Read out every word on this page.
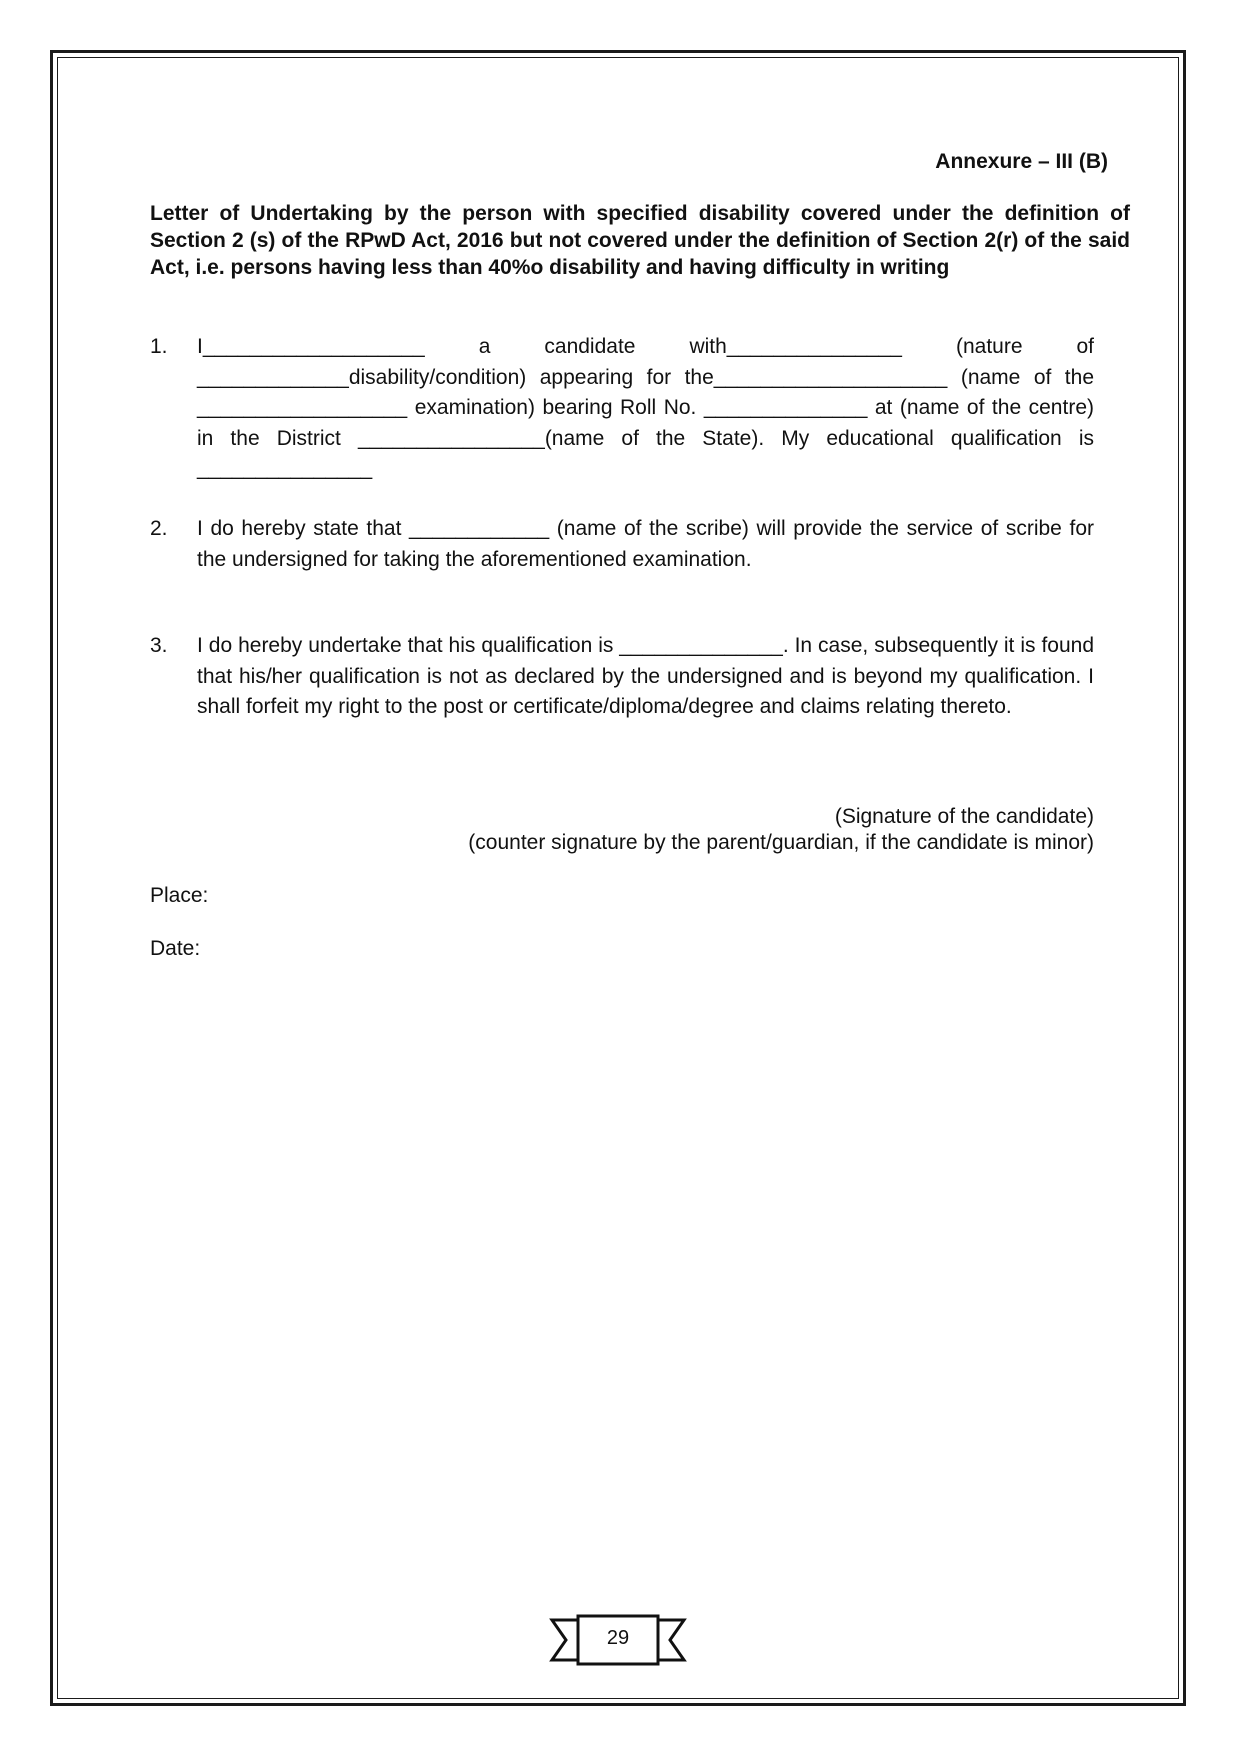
Annexure – III (B)

Letter of Undertaking by the person with specified disability covered under the definition of Section 2 (s) of the RPwD Act, 2016 but not covered under the definition of Section 2(r) of the said Act, i.e. persons having less than 40%o disability and having difficulty in writing

1.	I___________________ a candidate with_______________ (nature of _____________disability/condition) appearing for the____________________ (name of the __________________ examination) bearing Roll No. ______________ at (name of the centre) in the District ________________(name of the State). My educational qualification is _______________
2.	I do hereby state that ____________ (name of the scribe) will provide the service of scribe for the undersigned for taking the aforementioned examination.
3.	I do hereby undertake that his qualification is ______________. In case, subsequently it is found that his/her qualification is not as declared by the undersigned and is beyond my qualification. I shall forfeit my right to the post or certificate/diploma/degree and claims relating thereto.
(Signature of the candidate)
(counter signature by the parent/guardian, if the candidate is minor)
Place:
Date:
29
